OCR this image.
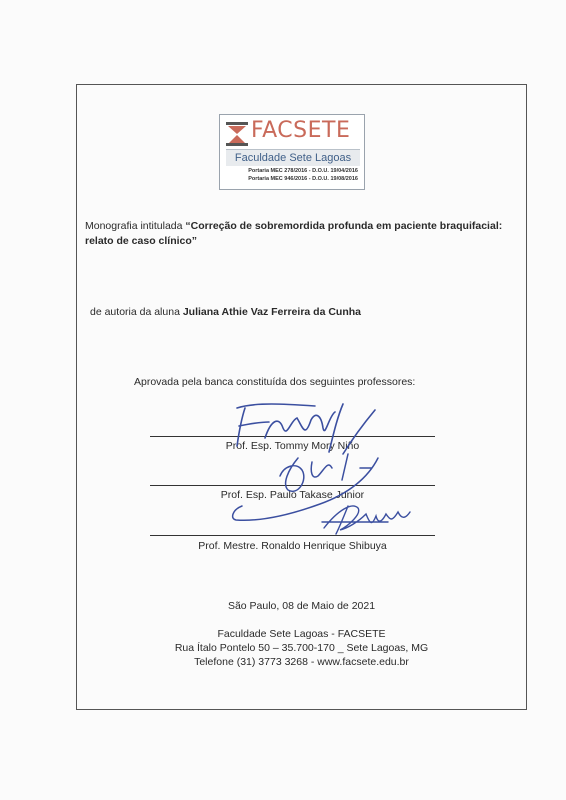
FACSETE
Faculdade Sete Lagoas
Portaria MEC 278/2016 - D.O.U. 19/04/2016
Portaria MEC 946/2016 - D.O.U. 19/08/2016
Monografia intitulada “Correção de sobremordida profunda em paciente braquifacial: relato de caso clínico”
de autoria da aluna Juliana Athie Vaz Ferreira da Cunha
Aprovada pela banca constituída dos seguintes professores:
Prof. Esp. Tommy Mory Niño
Prof. Esp. Paulo Takase Junior
Prof. Mestre. Ronaldo Henrique Shibuya
São Paulo, 08 de Maio de 2021
Faculdade Sete Lagoas - FACSETE
Rua Ítalo Pontelo 50 – 35.700-170 _ Sete Lagoas, MG
Telefone (31) 3773 3268 - www.facsete.edu.br
